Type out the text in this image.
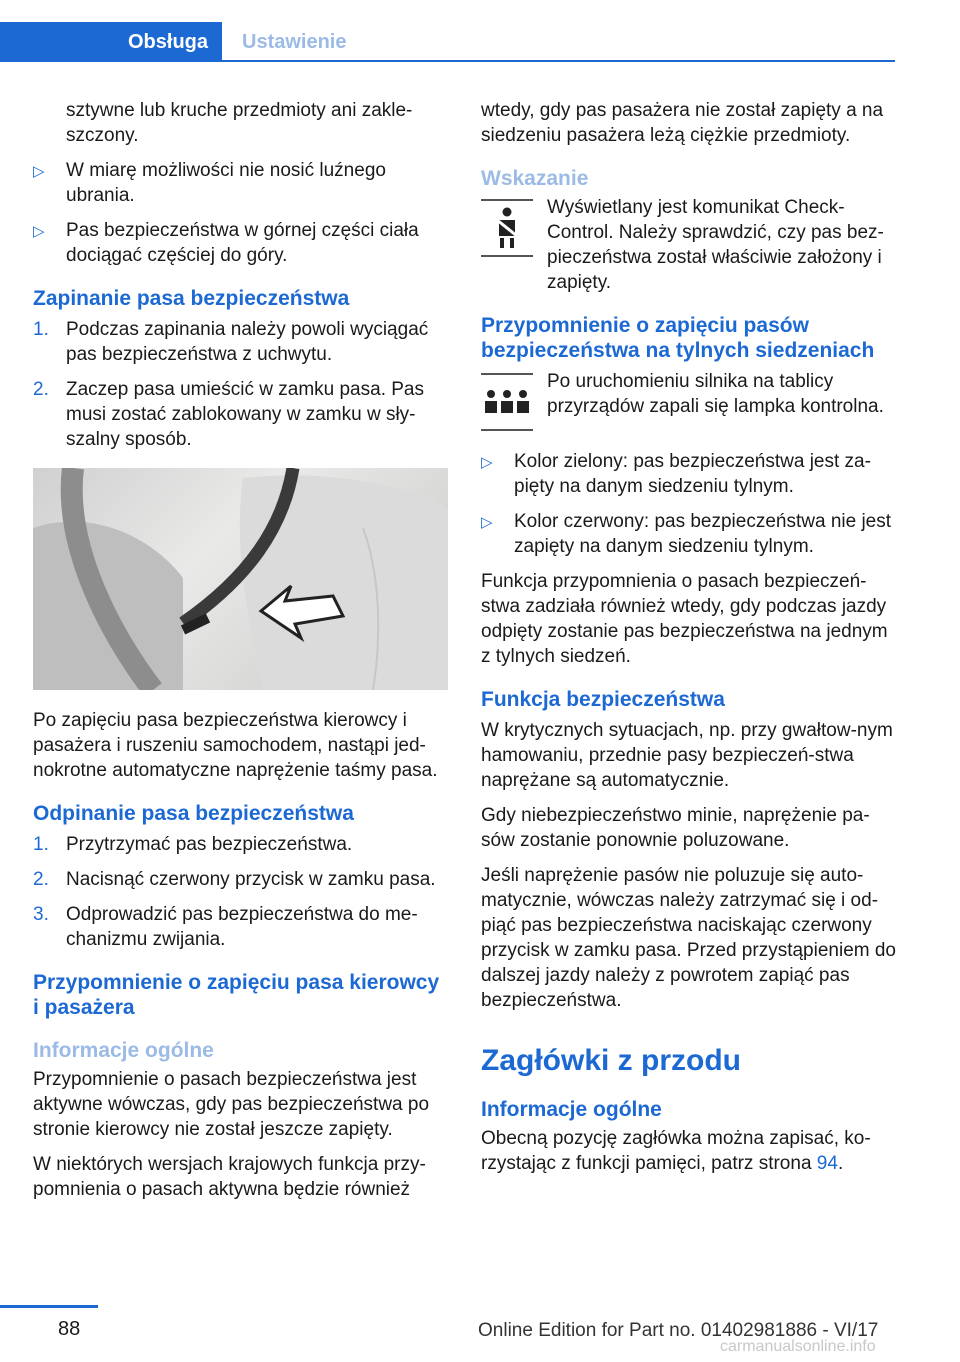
Obsługa Ustawienie

sztywne lub kruche przedmioty ani zakle-szczony.

▷ W miarę możliwości nie nosić luźnego ubrania.
▷ Pas bezpieczeństwa w górnej części ciała dociągać częściej do góry.
Zapinanie pasa bezpieczeństwa
1. Podczas zapinania należy powoli wyciągać pas bezpieczeństwa z uchwytu.
2. Zaczep pasa umieścić w zamku pasa. Pas musi zostać zablokowany w zamku w sły-szalny sposób.

Po zapięciu pasa bezpieczeństwa kierowcy i pasażera i ruszeniu samochodem, nastąpi jed-nokrotne automatyczne naprężenie taśmy pasa.

Odpinanie pasa bezpieczeństwa
1. Przytrzymać pas bezpieczeństwa.
2. Nacisnąć czerwony przycisk w zamku pasa.
3. Odprowadzić pas bezpieczeństwa do me-chanizmu zwijania.
Przypomnienie o zapięciu pasa kierowcy i pasażera
Informacje ogólne

Przypomnienie o pasach bezpieczeństwa jest aktywne wówczas, gdy pas bezpieczeństwa po stronie kierowcy nie został jeszcze zapięty.

W niektórych wersjach krajowych funkcja przy-pomnienia o pasach aktywna będzie również

wtedy, gdy pas pasażera nie został zapięty a na siedzeniu pasażera leżą ciężkie przedmioty.

Wskazanie

Wyświetlany jest komunikat Check-Control. Należy sprawdzić, czy pas bez-pieczeństwa został właściwie założony i zapięty.

Przypomnienie o zapięciu pasów bezpieczeństwa na tylnych siedzeniach

Po uruchomieniu silnika na tablicy przyrządów zapali się lampka kontrolna.

▷ Kolor zielony: pas bezpieczeństwa jest za-pięty na danym siedzeniu tylnym.
▷ Kolor czerwony: pas bezpieczeństwa nie jest zapięty na danym siedzeniu tylnym.

Funkcja przypomnienia o pasach bezpieczeń-stwa zadziała również wtedy, gdy podczas jazdy odpięty zostanie pas bezpieczeństwa na jednym z tylnych siedzeń.

Funkcja bezpieczeństwa

W krytycznych sytuacjach, np. przy gwałtow-nym hamowaniu, przednie pasy bezpieczeń-stwa naprężane są automatycznie.

Gdy niebezpieczeństwo minie, naprężenie pa-sów zostanie ponownie poluzowane.

Jeśli naprężenie pasów nie poluzuje się auto-matycznie, wówczas należy zatrzymać się i od-piąć pas bezpieczeństwa naciskając czerwony przycisk w zamku pasa. Przed przystąpieniem do dalszej jazdy należy z powrotem zapiąć pas bezpieczeństwa.

Zagłówki z przodu
Informacje ogólne

Obecną pozycję zagłówka można zapisać, ko-rzystając z funkcji pamięci, patrz strona 94.

88	Online Edition for Part no. 01402981886 - VI/17
carmanualsonline.info
